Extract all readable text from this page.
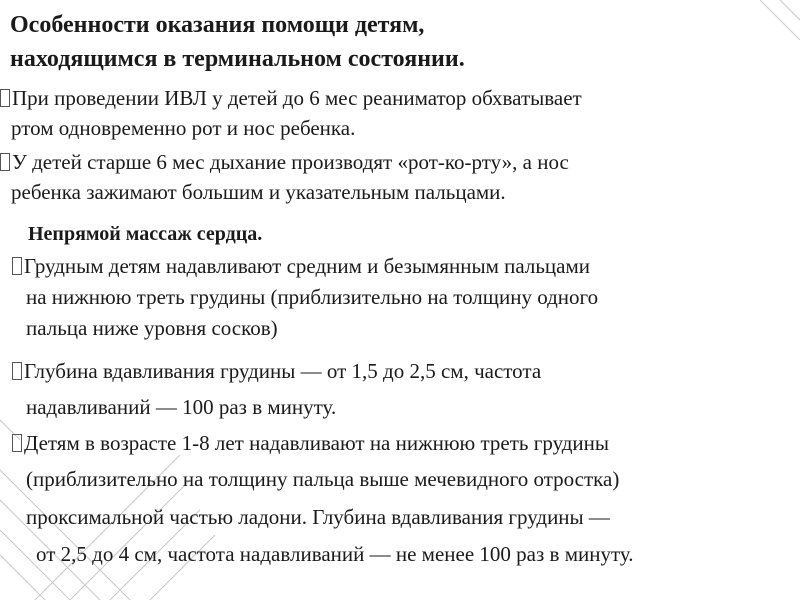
Особенности оказания помощи детям,
находящимся в терминальном состоянии.
При проведении ИВЛ у детей до 6 мес реаниматор обхватывает
ртом одновременно рот и нос ребенка.
У детей старше 6 мес дыхание производят «рот-ко-рту», а нос
ребенка зажимают большим и указательным пальцами.
Непрямой массаж сердца.
Грудным детям надавливают средним и безымянным пальцами
на нижнюю треть грудины (приблизительно на толщину одного
пальца ниже уровня сосков)
Глубина вдавливания грудины — от 1,5 до 2,5 см, частота
надавливаний — 100 раз в минуту.
Детям в возрасте 1-8 лет надавливают на нижнюю треть грудины
(приблизительно на толщину пальца выше мечевидного отростка)
проксимальной частью ладони. Глубина вдавливания грудины —
от 2,5 до 4 см, частота надавливаний — не менее 100 раз в минуту.
